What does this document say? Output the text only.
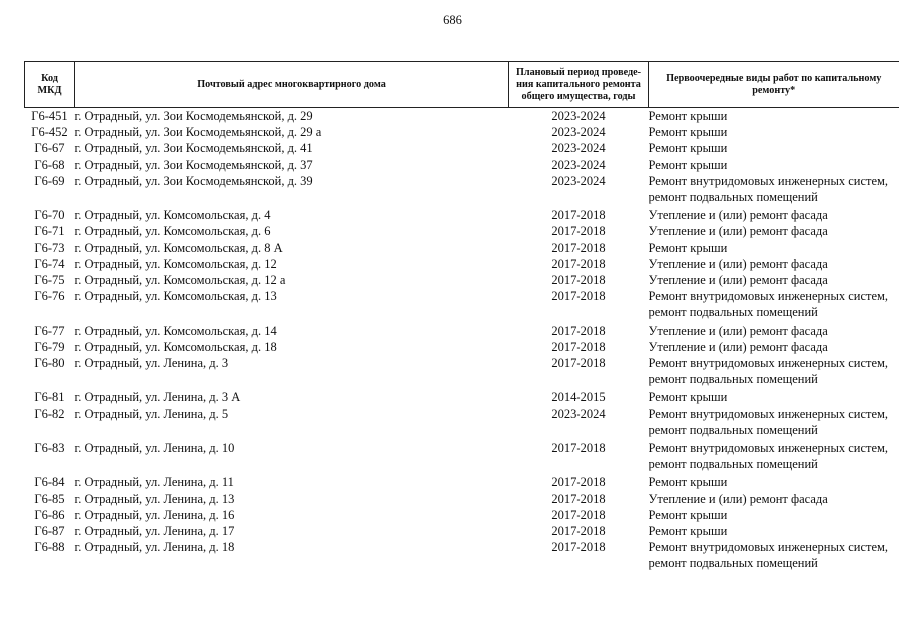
686
Код МКД	Почтовый адрес многоквартирного дома	Плановый период проведе-ния капитального ремонта общего имущества, годы	Первоочередные виды работ по капитальному ремонту*
Г6-451	г. Отрадный, ул. Зои Космодемьянской, д. 29	2023-2024	Ремонт крыши

Г6-452	г. Отрадный, ул. Зои Космодемьянской, д. 29 а	2023-2024	Ремонт крыши

Г6-67	г. Отрадный, ул. Зои Космодемьянской, д. 41	2023-2024	Ремонт крыши

Г6-68	г. Отрадный, ул. Зои Космодемьянской, д. 37	2023-2024	Ремонт крыши

Г6-69	г. Отрадный, ул. Зои Космодемьянской, д. 39	2023-2024	Ремонт внутридомовых инженерных систем,
ремонт подвальных помещений

Г6-70	г. Отрадный, ул. Комсомольская, д. 4	2017-2018	Утепление и (или) ремонт фасада

Г6-71	г. Отрадный, ул. Комсомольская, д. 6	2017-2018	Утепление и (или) ремонт фасада

Г6-73	г. Отрадный, ул. Комсомольская, д. 8 А	2017-2018	Ремонт крыши

Г6-74	г. Отрадный, ул. Комсомольская, д. 12	2017-2018	Утепление и (или) ремонт фасада

Г6-75	г. Отрадный, ул. Комсомольская, д. 12 а	2017-2018	Утепление и (или) ремонт фасада

Г6-76	г. Отрадный, ул. Комсомольская, д. 13	2017-2018	Ремонт внутридомовых инженерных систем,
ремонт подвальных помещений

Г6-77	г. Отрадный, ул. Комсомольская, д. 14	2017-2018	Утепление и (или) ремонт фасада

Г6-79	г. Отрадный, ул. Комсомольская, д. 18	2017-2018	Утепление и (или) ремонт фасада

Г6-80	г. Отрадный, ул. Ленина, д. 3	2017-2018	Ремонт внутридомовых инженерных систем,
ремонт подвальных помещений

Г6-81	г. Отрадный, ул. Ленина, д. 3 А	2014-2015	Ремонт крыши

Г6-82	г. Отрадный, ул. Ленина, д. 5	2023-2024	Ремонт внутридомовых инженерных систем,
ремонт подвальных помещений

Г6-83	г. Отрадный, ул. Ленина, д. 10	2017-2018	Ремонт внутридомовых инженерных систем,
ремонт подвальных помещений

Г6-84	г. Отрадный, ул. Ленина, д. 11	2017-2018	Ремонт крыши

Г6-85	г. Отрадный, ул. Ленина, д. 13	2017-2018	Утепление и (или) ремонт фасада

Г6-86	г. Отрадный, ул. Ленина, д. 16	2017-2018	Ремонт крыши

Г6-87	г. Отрадный, ул. Ленина, д. 17	2017-2018	Ремонт крыши

Г6-88	г. Отрадный, ул. Ленина, д. 18	2017-2018	Ремонт внутридомовых инженерных систем,
ремонт подвальных помещений
